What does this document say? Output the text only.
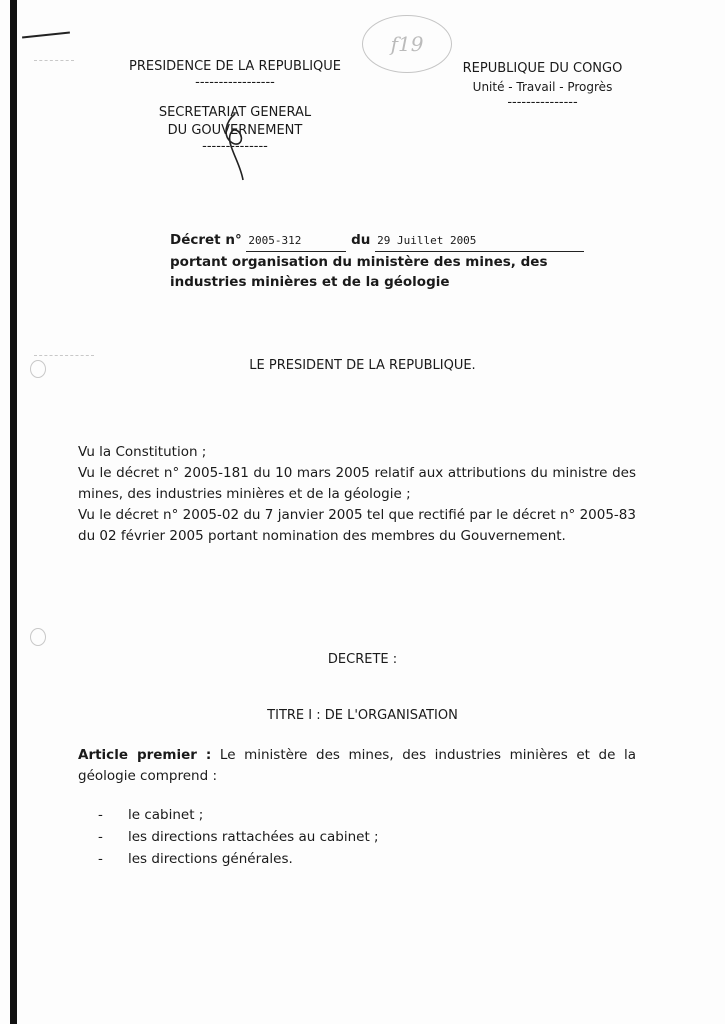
PRESIDENCE DE LA REPUBLIQUE
-----------------
SECRETARIAT GENERAL
DU GOUVERNEMENT
--------------
REPUBLIQUE DU CONGO
Unité - Travail - Progrès
---------------
f19
Décret n° 2005-312	du 29 Juillet 2005
portant organisation du ministère des mines, des industries minières et de la géologie
LE PRESIDENT DE LA REPUBLIQUE.

Vu la Constitution ;

Vu le décret n° 2005-181 du 10 mars 2005 relatif aux attributions du ministre des mines, des industries minières et de la géologie ;

Vu le décret n° 2005-02 du 7 janvier 2005 tel que rectifié par le décret n° 2005-83 du 02 février 2005 portant nomination des membres du Gouvernement.

DECRETE :
TITRE I : DE L'ORGANISATION
Article premier : Le ministère des mines, des industries minières et de la géologie comprend :
-	le cabinet ;
-	les directions rattachées au cabinet ;
-	les directions générales.
